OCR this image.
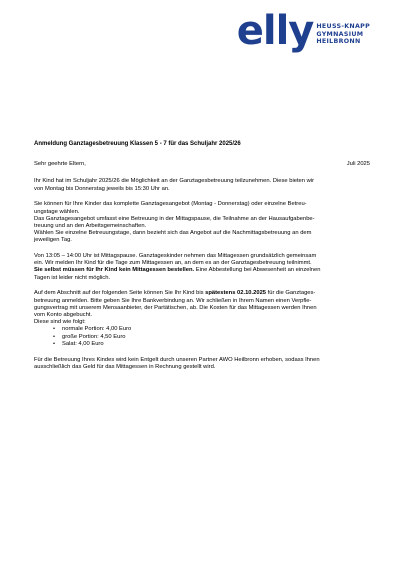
elly HEUSS-KNAPP
GYMNASIUM
HEILBRONN
Anmeldung Ganztagesbetreuung Klassen 5 - 7 für das Schuljahr 2025/26
Sehr geehrte Eltern,	Juli 2025

Ihr Kind hat im Schuljahr 2025/26 die Möglichkeit an der Ganztagesbetreuung teilzunehmen. Diese bieten wir
von Montag bis Donnerstag jeweils bis 15:30 Uhr an.

Sie können für Ihre Kinder das komplette Ganztagesangebot (Montag - Donnerstag) oder einzelne Betreu-
ungstage wählen.
Das Ganztagesangebot umfasst eine Betreuung in der Mittagspause, die Teilnahme an der Hausaufgabenbe-
treuung und an den Arbeitsgemeinschaften.
Wählen Sie einzelne Betreuungstage, dann bezieht sich das Angebot auf die Nachmittagsbetreuung an dem
jeweiligen Tag.

Von 13:05 – 14:00 Uhr ist Mittagspause. Ganztageskinder nehmen das Mittagessen grundsätzlich gemeinsam
ein. Wir melden Ihr Kind für die Tage zum Mittagessen an, an dem es an der Ganztagesbetreuung teilnimmt.
Sie selbst müssen für Ihr Kind kein Mittagessen bestellen. Eine Abbestellung bei Abwesenheit an einzelnen
Tagen ist leider nicht möglich.

Auf dem Abschnitt auf der folgenden Seite können Sie Ihr Kind bis spätestens 02.10.2025 für die Ganztages-
betreuung anmelden. Bitte geben Sie Ihre Bankverbindung an. Wir schließen in Ihrem Namen einen Verpfle-
gungsvertrag mit unserem Mensaanbieter, der Partätischen, ab. Die Kosten für das Mittagessen werden Ihnen
vom Konto abgebucht.
Diese sind wie folgt:

• normale Portion: 4,00 Euro
• große Portion: 4,50 Euro
• Salat: 4,00 Euro

Für die Betreuung Ihres Kindes wird kein Entgelt durch unseren Partner AWO Heilbronn erhoben, sodass Ihnen
ausschließlich das Geld für das Mittagessen in Rechnung gestellt wird.
